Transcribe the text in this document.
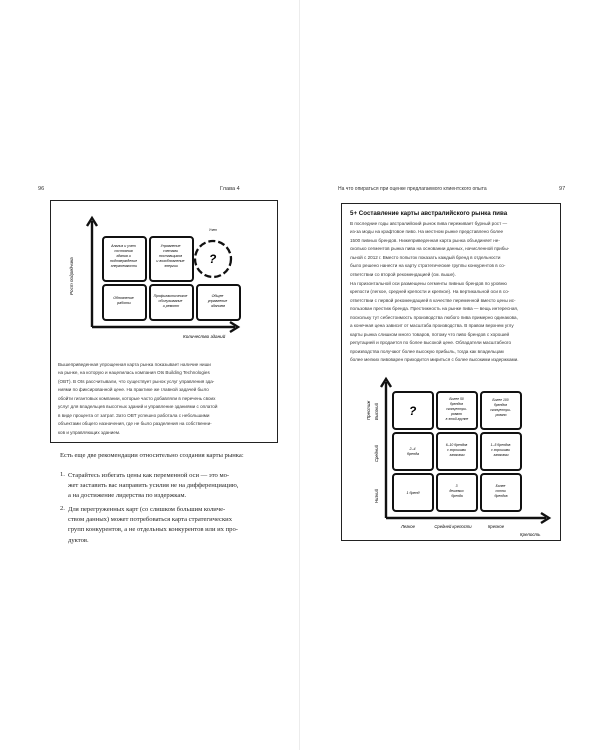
96	Глава 4
Рост подрядчика
Количество зданий
?
Анализ и учет состояния здания и подтверждение энергоемкости
Управление счетами поставщиков и возобновление энергии
Обновление работы
Профилактическое обслуживание и ремонт
Общее управление зданием
Учет
Вышеприведенная упрощенная карта рынка показывает наличие ниши
на рынке, на которую и нацелилась компания Ots Building Technologies
(OBT). В Ots рассчитывали, что существует рынок услуг управления зда-
ниями по фиксированной цене. На практике же главной задачей было
обойти гигантовых компании, которые часто добавляли в перечень своих
услуг для владельцев высотных зданий и управление зданиями с оплатой
в виде процента от затрат. Зато OBT успешно работала с небольшими
объектами общего назначения, где не было разделения на собственни-
ков и управляющих зданием.
Есть еще две рекомендации относительно создания карты рынка:
1. Старайтесь избегать цены как переменной оси — это мо-
жет заставить вас направить усилия не на дифференциацию,
а на достижение лидерства по издержкам.
2. Для перегруженных карт (со слишком большим количе-
ством данных) может потребоваться карта стратегических
групп конкурентов, а не отдельных конкурентов или их про-
дуктов.
На что опираться при оценке предлагаемого клиентского опыта	97
5+ Составление карты австралийского рынка пива
В последние годы австралийский рынок пива переживает бурный рост —
из-за моды на крафтовое пиво. На местном рынке представлено более
1500 пивных брендов. Нижеприведенная карта рынка объединяет не-
сколько сегментов рынка пива на основании данных, начисленной прибы-
льной с 2012 г. Вместо попыток показать каждый бренд в отдельности
было решено нанести на карту стратегические группы конкурентов в со-
ответствии со второй рекомендацией (см. выше).
На горизонтальной оси размещены сегменты пивных брендов по уровню
крепости (легкое, средней крепости и крепкое). На вертикальной оси в со-
ответствии с первой рекомендацией в качестве переменной вместо цены ис-
пользован престиж бренда. Престижность на рынке пива — вещь интересная,
поскольку тут себестоимость производства любого пива примерно одинакова,
а конечная цена зависит от масштаба производства. В правом верхнем углу
карты рынка слишком много товаров, потому что пиво брендов с хорошей
репутацией и продается по более высокой цене. Обладатели масштабного
производства получают более высокую прибыль, тогда как владельцам
более мелких пивоварен приходится мириться с более высокими издержками.
Престиж Высокий
Средний
Низкий
Легкое	Средней крепости	Крепкое
Крепость
?
Более 50 брендов сконцентри- ровано в этой группе
Более 100 брендов сконцентри- ровано
2–4 бренда
6–10 брендов с хорошими запасами
1–5 брендов с хорошими запасами
1 бренд
3 дешевых бренда
Более сотни брендов
